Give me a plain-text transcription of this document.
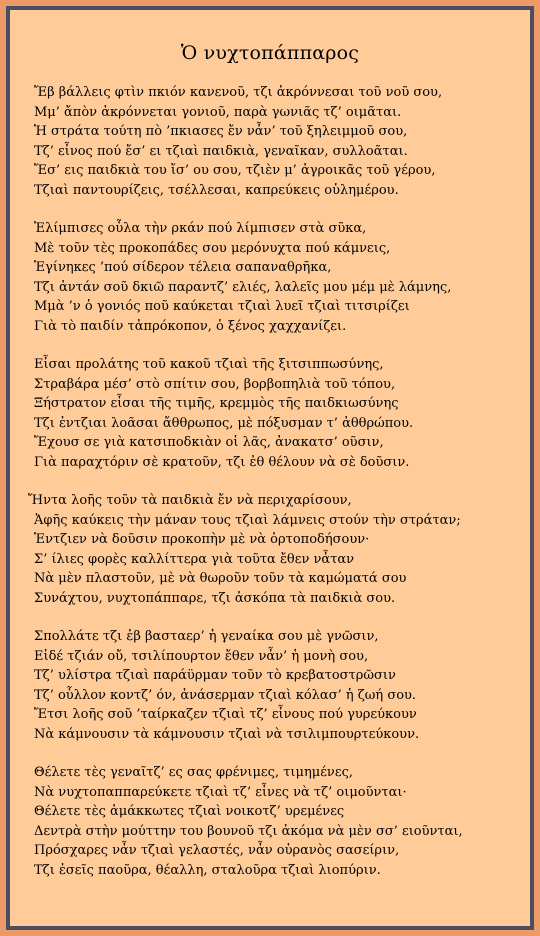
Ὁ νυχτοπάππαρος
Ἔβ βάλλεις φτὶν πκιόν κανενοῦ, τζι ἀκρόννεσαι τοῦ νοῦ σου,
Μμ’ ἄπὸν ἀκρόννεται γονιοῦ, παρὰ γωνιᾶς τζ’ οιμᾶται.
Ἡ στράτα τούτη πὸ ’πκιασες ἔν νἆν’ τοῦ ξηλειμμοῦ σου,
Τζ’ εἶνος πού ἔσ’ ει τζιαὶ παιδκιὰ, γεναῖκαν, συλλοᾶται.
Ἔσ’ εις παιδκιὰ του ἴσ’ ου σου, τζιὲν μ’ ἀγροικᾶς τοῦ γέρου,
Τζιαὶ παντουρίζεις, τσέλλεσαι, καπρεύκεις οὑλημέρου.
Ἐλίμπισες οὗλα τὴν ρκάν πού λίμπισεν στὰ σῦκα,
Μὲ τοῦν τὲς προκοπάδες σου μερόνυχτα πού κάμνεις,
Ἐγίνηκες ’πού σίδερον τέλεια σαπαναθρῆκα,
Τζι ἀντάν σοῦ δκιῶ παραντζ’ ελιές, λαλεῖς μου μέμ μὲ λάμνης,
Μμὰ ’ν ὁ γονιός ποῦ καύκεται τζιαὶ λυεῖ τζιαὶ τιτσιρίζει
Γιὰ τὸ παιδίν τἀπρόκοπον, ὁ ξένος χαχχανίζει.
Εἶσαι προλάτης τοῦ κακοῦ τζιαὶ τῆς ξιτσιππωσύνης,
Στραβάρα μέσ’ στὸ σπίτιν σου, βορβοπηλιὰ τοῦ τόπου,
Ξήστρατον εἶσαι τῆς τιμῆς, κρεμμὸς τῆς παιδκιωσύνης
Τζι ἐντζιαι λοᾶσαι ἄθθρωπος, μὲ πόξυσμαν τ’ ἀθθρώπου.
Ἔχουσ σε γιὰ κατσιποδκιὰν οἱ λᾶς, ἀνακατσ’ οῦσιν,
Γιὰ παραχτόριν σὲ κρατοῦν, τζι ἐθ θέλουν νὰ σὲ δοῦσιν.
Ἤντα λοῆς τοῦν τὰ παιδκιὰ ἔν νὰ περιχαρίσουν,
Ἀφῆς καύκεις τὴν μάναν τους τζιαὶ λάμνεις στούν τὴν στράταν;
Ἐντζιεν νὰ δοῦσιν προκοπὴν μὲ νὰ ὀρτοποδήσουν·
Σ’ ίλιες φορὲς καλλίττερα γιὰ τοῦτα ἔθεν νἆταν
Νὰ μὲν πλαστοῦν, μὲ νὰ θωροῦν τοῦν τὰ καμώματά σου
Συνάχτου, νυχτοπάππαρε, τζι ἀσκόπα τὰ παιδκιὰ σου.
Σπολλάτε τζι ἐβ βασταερ’ ἡ γεναίκα σου μὲ γνῶσιν,
Εἰδέ τζιάν οὔ, τσιλίπουρτον ἔθεν νἆν’ ἡ μονὴ σου,
Τζ’ υλίστρα τζιαὶ παράϋρμαν τοῦν τὸ κρεβατοστρῶσιν
Τζ’ οὗλλον κοντζ’ όν, ἀνάσερμαν τζιαὶ κόλασ’ ἡ ζωή σου.
Ἔτσι λοῆς σοῦ ’ταίρκαζεν τζιαὶ τζ’ εἶνους πού γυρεύκουν
Νὰ κάμνουσιν τὰ κάμνουσιν τζιαὶ νὰ τσιλιμπουρτεύκουν.
Θέλετε τὲς γεναῖτζ’ ες σας φρένιμες, τιμημένες,
Νὰ νυχτοπαππαρεύκετε τζιαὶ τζ’ εἶνες νὰ τζ’ οιμοῦνται·
Θέλετε τὲς ἀμάκκωτες τζιαὶ νοικοτζ’ υρεμένες
Δεντρὰ στὴν μούττην του βουνοῦ τζι ἀκόμα νὰ μὲν σσ’ ειοῦνται,
Πρόσχαρες νἆν τζιαὶ γελαστές, νἆν οὐρανὸς σασείριν,
Τζι ἐσεῖς παοῦρα, θέαλλη, σταλοῦρα τζιαὶ λιοπύριν.
